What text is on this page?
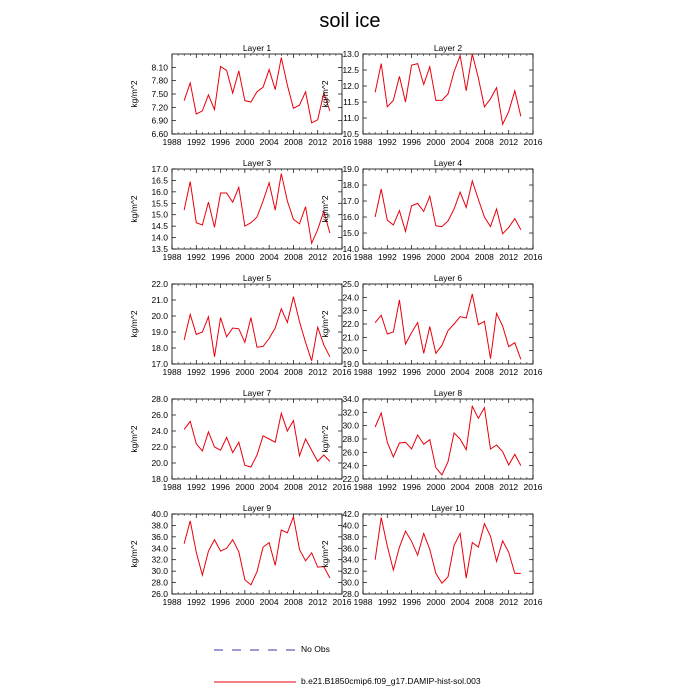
soil ice
Layer 1
kg/m^2
1988 1992 1996 2000 2004 2008 2012 2016
6.60
6.90
7.20
7.50
7.80
8.10
Layer 2
kg/m^2
1988 1992 1996 2000 2004 2008 2012 2016
10.5
11.0
11.5
12.0
12.5
13.0
Layer 3
kg/m^2
1988 1992 1996 2000 2004 2008 2012 2016
13.5
14.0
14.5
15.0
15.5
16.0
16.5
17.0
Layer 4
kg/m^2
1988 1992 1996 2000 2004 2008 2012 2016
14.0
15.0
16.0
17.0
18.0
19.0
Layer 5
kg/m^2
1988 1992 1996 2000 2004 2008 2012 2016
17.0
18.0
19.0
20.0
21.0
22.0
Layer 6
kg/m^2
1988 1992 1996 2000 2004 2008 2012 2016
19.0
20.0
21.0
22.0
23.0
24.0
25.0
Layer 7
kg/m^2
1988 1992 1996 2000 2004 2008 2012 2016
18.0
20.0
22.0
24.0
26.0
28.0
Layer 8
kg/m^2
1988 1992 1996 2000 2004 2008 2012 2016
22.0
24.0
26.0
28.0
30.0
32.0
34.0
Layer 9
kg/m^2
1988 1992 1996 2000 2004 2008 2012 2016
26.0
28.0
30.0
32.0
34.0
36.0
38.0
40.0
Layer 10
kg/m^2
1988 1992 1996 2000 2004 2008 2012 2016
28.0
30.0
32.0
34.0
36.0
38.0
40.0
42.0
No Obs
b.e21.B1850cmip6.f09_g17.DAMIP-hist-sol.003
